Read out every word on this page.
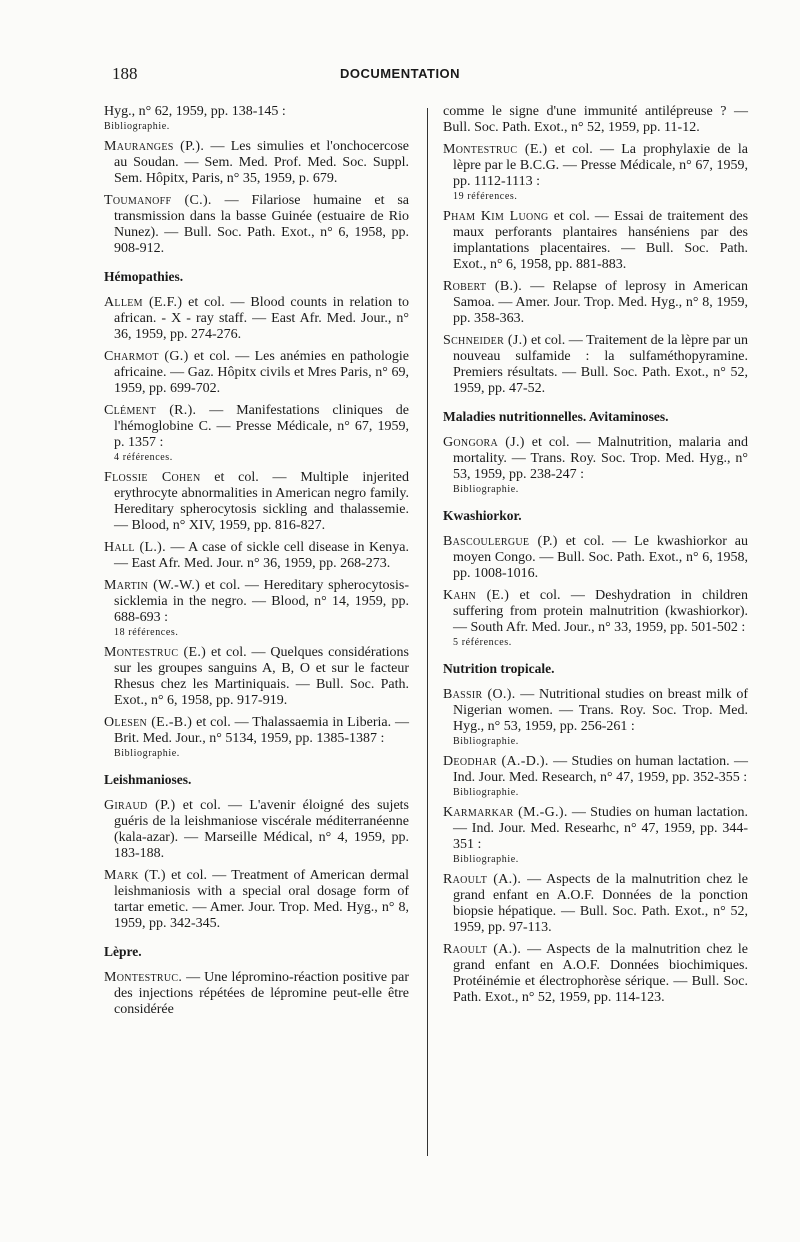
188	DOCUMENTATION
Hyg., n° 62, 1959, pp. 138-145 :
Bibliographie.
Mauranges (P.). — Les simulies et l'onchocercose au Soudan. — Sem. Med. Prof. Med. Soc. Suppl. Sem. Hôpitx, Paris, n° 35, 1959, p. 679.
Toumanoff (C.). — Filariose humaine et sa transmission dans la basse Guinée (estuaire de Rio Nunez). — Bull. Soc. Path. Exot., n° 6, 1958, pp. 908-912.
Hémopathies.
Allem (E.F.) et col. — Blood counts in relation to african. - X - ray staff. — East Afr. Med. Jour., n° 36, 1959, pp. 274-276.
Charmot (G.) et col. — Les anémies en pathologie africaine. — Gaz. Hôpitx civils et Mres Paris, n° 69, 1959, pp. 699-702.
Clément (R.). — Manifestations cliniques de l'hémoglobine C. — Presse Médicale, n° 67, 1959, p. 1357 :
4 références.
Flossie Cohen et col. — Multiple injerited erythrocyte abnormalities in American negro family. Hereditary spherocytosis sickling and thalassemie. — Blood, n° XIV, 1959, pp. 816-827.
Hall (L.). — A case of sickle cell disease in Kenya. — East Afr. Med. Jour. n° 36, 1959, pp. 268-273.
Martin (W.-W.) et col. — Hereditary spherocytosis-sicklemia in the negro. — Blood, n° 14, 1959, pp. 688-693 :
18 références.
Montestruc (E.) et col. — Quelques considérations sur les groupes sanguins A, B, O et sur le facteur Rhesus chez les Martiniquais. — Bull. Soc. Path. Exot., n° 6, 1958, pp. 917-919.
Olesen (E.-B.) et col. — Thalassaemia in Liberia. — Brit. Med. Jour., n° 5134, 1959, pp. 1385-1387 :
Bibliographie.
Leishmanioses.
Giraud (P.) et col. — L'avenir éloigné des sujets guéris de la leishmaniose viscérale méditerranéenne (kala-azar). — Marseille Médical, n° 4, 1959, pp. 183-188.
Mark (T.) et col. — Treatment of American dermal leishmaniosis with a special oral dosage form of tartar emetic. — Amer. Jour. Trop. Med. Hyg., n° 8, 1959, pp. 342-345.
Lèpre.
Montestruc. — Une lépromino-réaction positive par des injections répétées de lépromine peut-elle être considérée
comme le signe d'une immunité antilépreuse ? — Bull. Soc. Path. Exot., n° 52, 1959, pp. 11-12.
Montestruc (E.) et col. — La prophylaxie de la lèpre par le B.C.G. — Presse Médicale, n° 67, 1959, pp. 1112-1113 :
19 références.
Pham Kim Luong et col. — Essai de traitement des maux perforants plantaires hanséniens par des implantations placentaires. — Bull. Soc. Path. Exot., n° 6, 1958, pp. 881-883.
Robert (B.). — Relapse of leprosy in American Samoa. — Amer. Jour. Trop. Med. Hyg., n° 8, 1959, pp. 358-363.
Schneider (J.) et col. — Traitement de la lèpre par un nouveau sulfamide : la sulfaméthopyramine. Premiers résultats. — Bull. Soc. Path. Exot., n° 52, 1959, pp. 47-52.
Maladies nutritionnelles. Avitaminoses.
Gongora (J.) et col. — Malnutrition, malaria and mortality. — Trans. Roy. Soc. Trop. Med. Hyg., n° 53, 1959, pp. 238-247 :
Bibliographie.
Kwashiorkor.
Bascoulergue (P.) et col. — Le kwashiorkor au moyen Congo. — Bull. Soc. Path. Exot., n° 6, 1958, pp. 1008-1016.
Kahn (E.) et col. — Deshydration in children suffering from protein malnutrition (kwashiorkor). — South Afr. Med. Jour., n° 33, 1959, pp. 501-502 :
5 références.
Nutrition tropicale.
Bassir (O.). — Nutritional studies on breast milk of Nigerian women. — Trans. Roy. Soc. Trop. Med. Hyg., n° 53, 1959, pp. 256-261 :
Bibliographie.
Deodhar (A.-D.). — Studies on human lactation. — Ind. Jour. Med. Research, n° 47, 1959, pp. 352-355 :
Bibliographie.
Karmarkar (M.-G.). — Studies on human lactation. — Ind. Jour. Med. Researhc, n° 47, 1959, pp. 344-351 :
Bibliographie.
Raoult (A.). — Aspects de la malnutrition chez le grand enfant en A.O.F. Données de la ponction biopsie hépatique. — Bull. Soc. Path. Exot., n° 52, 1959, pp. 97-113.
Raoult (A.). — Aspects de la malnutrition chez le grand enfant en A.O.F. Données biochimiques. Protéinémie et électrophorèse sérique. — Bull. Soc. Path. Exot., n° 52, 1959, pp. 114-123.
